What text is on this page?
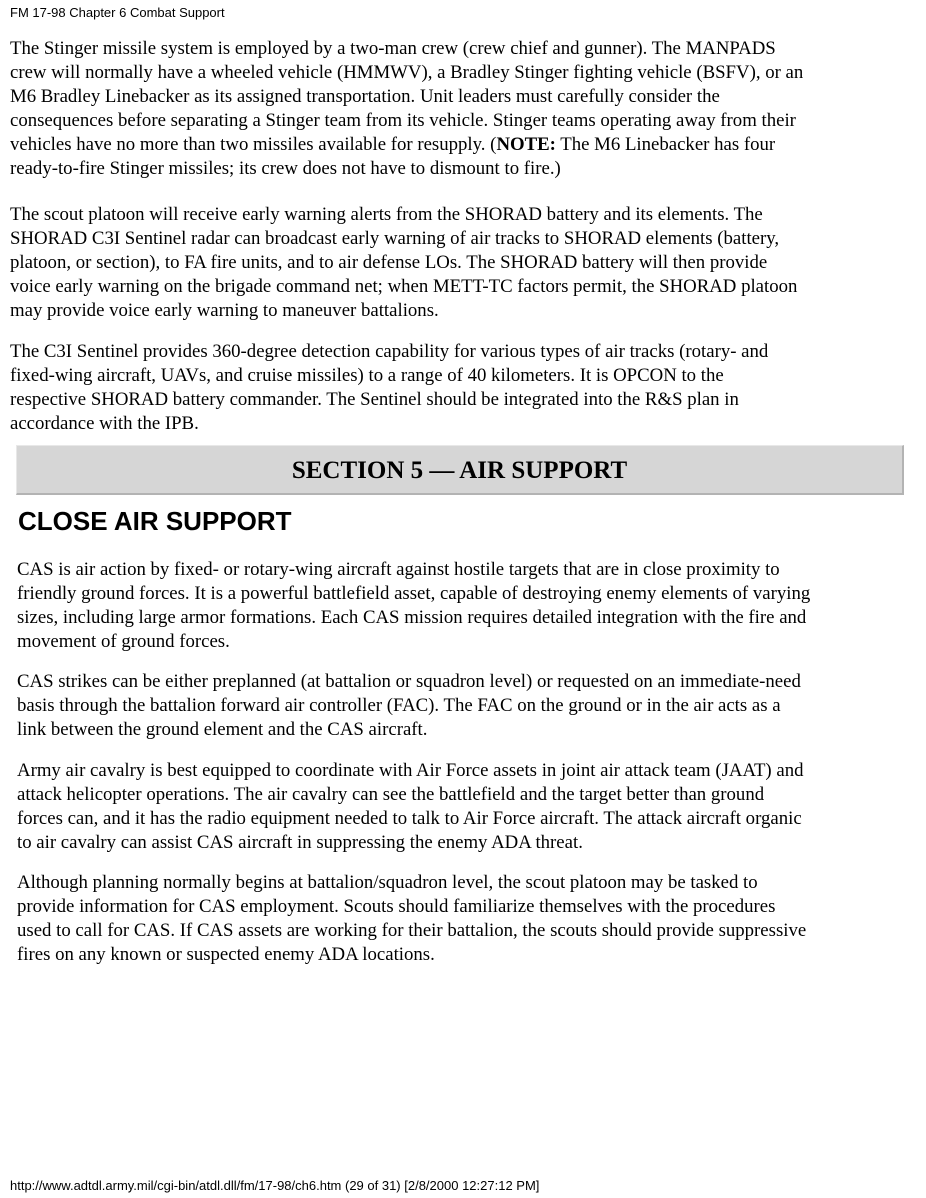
FM 17-98 Chapter 6 Combat Support

The Stinger missile system is employed by a two-man crew (crew chief and gunner). The MANPADS
crew will normally have a wheeled vehicle (HMMWV), a Bradley Stinger fighting vehicle (BSFV), or an
M6 Bradley Linebacker as its assigned transportation. Unit leaders must carefully consider the
consequences before separating a Stinger team from its vehicle. Stinger teams operating away from their
vehicles have no more than two missiles available for resupply. (NOTE: The M6 Linebacker has four
ready-to-fire Stinger missiles; its crew does not have to dismount to fire.)

The scout platoon will receive early warning alerts from the SHORAD battery and its elements. The
SHORAD C3I Sentinel radar can broadcast early warning of air tracks to SHORAD elements (battery,
platoon, or section), to FA fire units, and to air defense LOs. The SHORAD battery will then provide
voice early warning on the brigade command net; when METT-TC factors permit, the SHORAD platoon
may provide voice early warning to maneuver battalions.

The C3I Sentinel provides 360-degree detection capability for various types of air tracks (rotary- and
fixed-wing aircraft, UAVs, and cruise missiles) to a range of 40 kilometers. It is OPCON to the
respective SHORAD battery commander. The Sentinel should be integrated into the R&S plan in
accordance with the IPB.

SECTION 5 — AIR SUPPORT
CLOSE AIR SUPPORT

CAS is air action by fixed- or rotary-wing aircraft against hostile targets that are in close proximity to
friendly ground forces. It is a powerful battlefield asset, capable of destroying enemy elements of varying
sizes, including large armor formations. Each CAS mission requires detailed integration with the fire and
movement of ground forces.

CAS strikes can be either preplanned (at battalion or squadron level) or requested on an immediate-need
basis through the battalion forward air controller (FAC). The FAC on the ground or in the air acts as a
link between the ground element and the CAS aircraft.

Army air cavalry is best equipped to coordinate with Air Force assets in joint air attack team (JAAT) and
attack helicopter operations. The air cavalry can see the battlefield and the target better than ground
forces can, and it has the radio equipment needed to talk to Air Force aircraft. The attack aircraft organic
to air cavalry can assist CAS aircraft in suppressing the enemy ADA threat.

Although planning normally begins at battalion/squadron level, the scout platoon may be tasked to
provide information for CAS employment. Scouts should familiarize themselves with the procedures
used to call for CAS. If CAS assets are working for their battalion, the scouts should provide suppressive
fires on any known or suspected enemy ADA locations.

http://www.adtdl.army.mil/cgi-bin/atdl.dll/fm/17-98/ch6.htm (29 of 31) [2/8/2000 12:27:12 PM]
